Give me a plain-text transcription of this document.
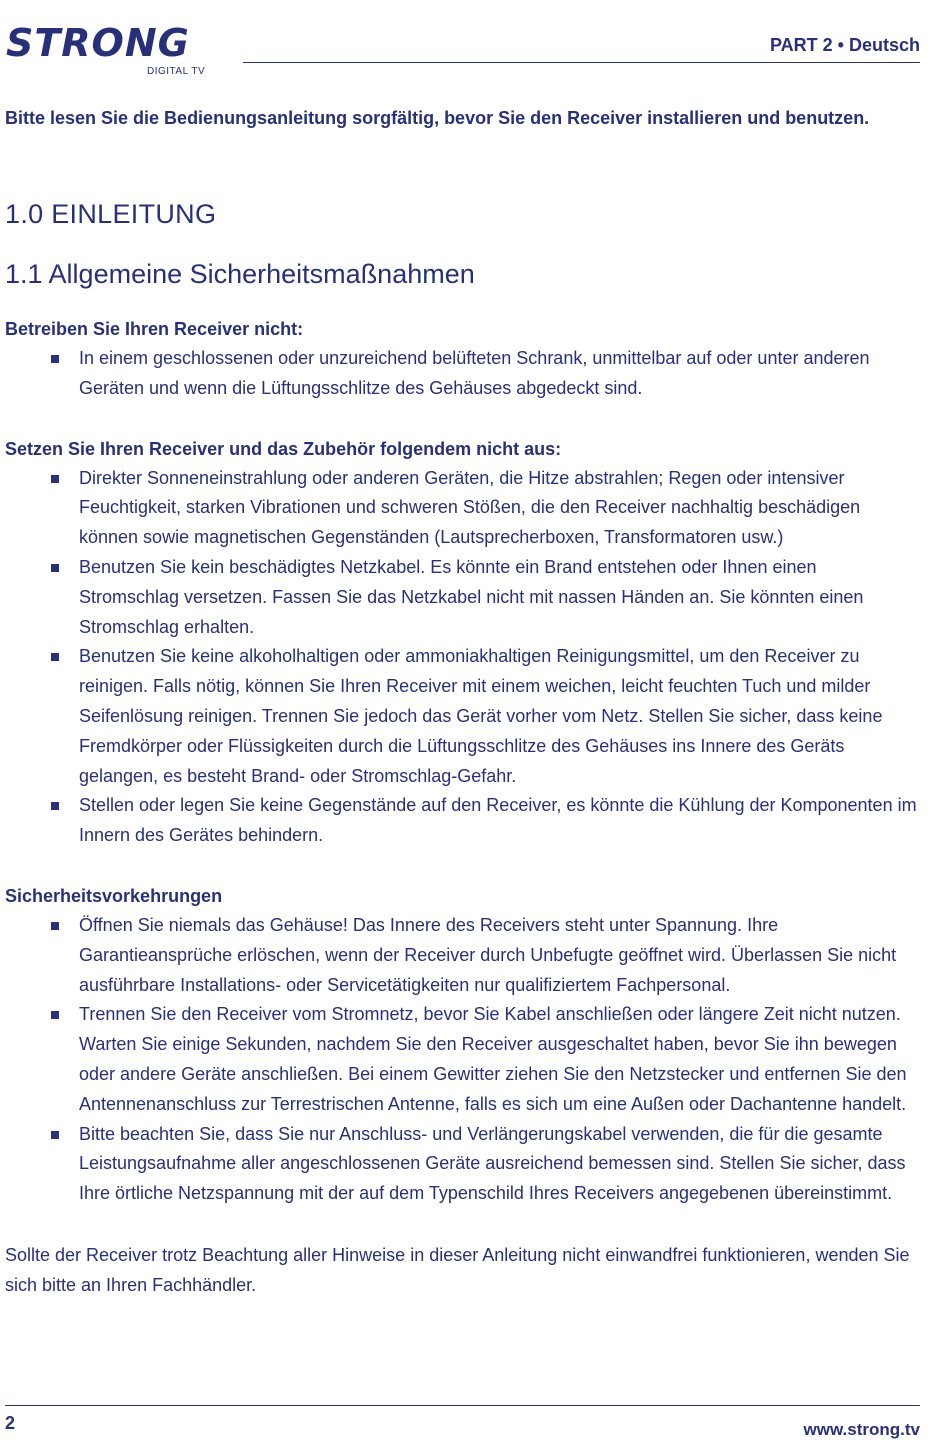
STRONG
DIGITAL TV
PART 2 • Deutsch

Bitte lesen Sie die Bedienungsanleitung sorgfältig, bevor Sie den Receiver installieren und benutzen.

1.0 EINLEITUNG
1.1 Allgemeine Sicherheitsmaßnahmen

Betreiben Sie Ihren Receiver nicht:

In einem geschlossenen oder unzureichend belüfteten Schrank, unmittelbar auf oder unter anderen Geräten und wenn die Lüftungsschlitze des Gehäuses abgedeckt sind.

Setzen Sie Ihren Receiver und das Zubehör folgendem nicht aus:

Direkter Sonneneinstrahlung oder anderen Geräten, die Hitze abstrahlen; Regen oder intensiver Feuchtigkeit, starken Vibrationen und schweren Stößen, die den Receiver nachhaltig beschädigen können sowie magnetischen Gegenständen (Lautsprecherboxen, Transformatoren usw.)
Benutzen Sie kein beschädigtes Netzkabel. Es könnte ein Brand entstehen oder Ihnen einen Stromschlag versetzen. Fassen Sie das Netzkabel nicht mit nassen Händen an. Sie könnten einen Stromschlag erhalten.
Benutzen Sie keine alkoholhaltigen oder ammoniakhaltigen Reinigungsmittel, um den Receiver zu reinigen. Falls nötig, können Sie Ihren Receiver mit einem weichen, leicht feuchten Tuch und milder Seifenlösung reinigen. Trennen Sie jedoch das Gerät vorher vom Netz. Stellen Sie sicher, dass keine Fremdkörper oder Flüssigkeiten durch die Lüftungsschlitze des Gehäuses ins Innere des Geräts gelangen, es besteht Brand- oder Stromschlag-Gefahr.
Stellen oder legen Sie keine Gegenstände auf den Receiver, es könnte die Kühlung der Komponenten im Innern des Gerätes behindern.

Sicherheitsvorkehrungen

Öffnen Sie niemals das Gehäuse! Das Innere des Receivers steht unter Spannung. Ihre Garantieansprüche erlöschen, wenn der Receiver durch Unbefugte geöffnet wird. Überlassen Sie nicht ausführbare Installations- oder Servicetätigkeiten nur qualifiziertem Fachpersonal.
Trennen Sie den Receiver vom Stromnetz, bevor Sie Kabel anschließen oder längere Zeit nicht nutzen. Warten Sie einige Sekunden, nachdem Sie den Receiver ausgeschaltet haben, bevor Sie ihn bewegen oder andere Geräte anschließen. Bei einem Gewitter ziehen Sie den Netzstecker und entfernen Sie den Antennenanschluss zur Terrestrischen Antenne, falls es sich um eine Außen oder Dachantenne handelt.
Bitte beachten Sie, dass Sie nur Anschluss- und Verlängerungskabel verwenden, die für die gesamte Leistungsaufnahme aller angeschlossenen Geräte ausreichend bemessen sind. Stellen Sie sicher, dass Ihre örtliche Netzspannung mit der auf dem Typenschild Ihres Receivers angegebenen übereinstimmt.

Sollte der Receiver trotz Beachtung aller Hinweise in dieser Anleitung nicht einwandfrei funktionieren, wenden Sie sich bitte an Ihren Fachhändler.

2	www.strong.tv
